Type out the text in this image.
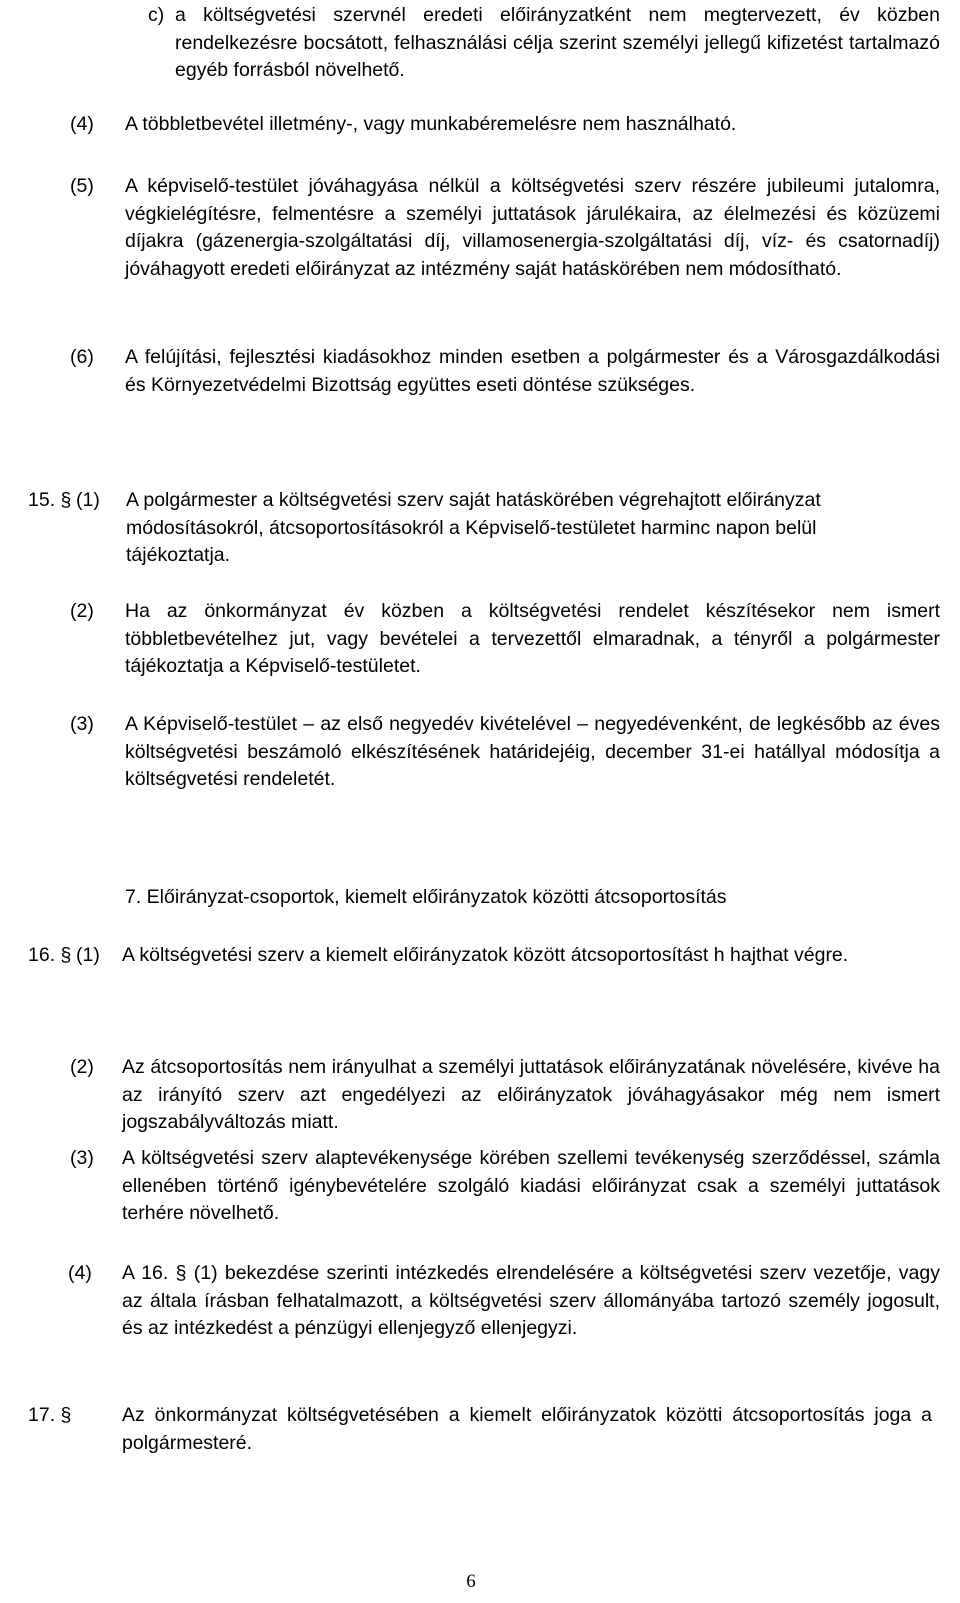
c) a költségvetési szervnél eredeti előirányzatként nem megtervezett, év közben rendelkezésre bocsátott, felhasználási célja szerint személyi jellegű kifizetést tartalmazó egyéb forrásból növelhető.
(4) A többletbevétel illetmény-, vagy munkabéremelésre nem használható.
(5) A képviselő-testület jóváhagyása nélkül a költségvetési szerv részére jubileumi jutalomra, végkielégítésre, felmentésre a személyi juttatások járulékaira, az élelmezési és közüzemi díjakra (gázenergia-szolgáltatási díj, villamosenergia-szolgáltatási díj, víz- és csatornadíj) jóváhagyott eredeti előirányzat az intézmény saját hatáskörében nem módosítható.
(6) A felújítási, fejlesztési kiadásokhoz minden esetben a polgármester és a Városgazdálkodási és Környezetvédelmi Bizottság együttes eseti döntése szükséges.
15. § (1) A polgármester a költségvetési szerv saját hatáskörében végrehajtott előirányzat módosításokról, átcsoportosításokról a Képviselő-testületet harminc napon belül tájékoztatja.
(2) Ha az önkormányzat év közben a költségvetési rendelet készítésekor nem ismert többletbevételhez jut, vagy bevételei a tervezettől elmaradnak, a tényről a polgármester tájékoztatja a Képviselő-testületet.
(3) A Képviselő-testület – az első negyedév kivételével – negyedévenként, de legkésőbb az éves költségvetési beszámoló elkészítésének határidejéig, december 31-ei hatállyal módosítja a költségvetési rendeletét.
7. Előirányzat-csoportok, kiemelt előirányzatok közötti átcsoportosítás
16. § (1) A költségvetési szerv a kiemelt előirányzatok között átcsoportosítást h hajthat végre.
(2) Az átcsoportosítás nem irányulhat a személyi juttatások előirányzatának növelésére, kivéve ha az irányító szerv azt engedélyezi az előirányzatok jóváhagyásakor még nem ismert jogszabályváltozás miatt.
(3) A költségvetési szerv alaptevékenysége körében szellemi tevékenység szerződéssel, számla ellenében történő igénybevételére szolgáló kiadási előirányzat csak a személyi juttatások terhére növelhető.
(4) A 16. § (1) bekezdése szerinti intézkedés elrendelésére a költségvetési szerv vezetője, vagy az általa írásban felhatalmazott, a költségvetési szerv állományába tartozó személy jogosult, és az intézkedést a pénzügyi ellenjegyző ellenjegyzi.
17. §	Az önkormányzat költségvetésében a kiemelt előirányzatok közötti átcsoportosítás joga a polgármesteré.
6
